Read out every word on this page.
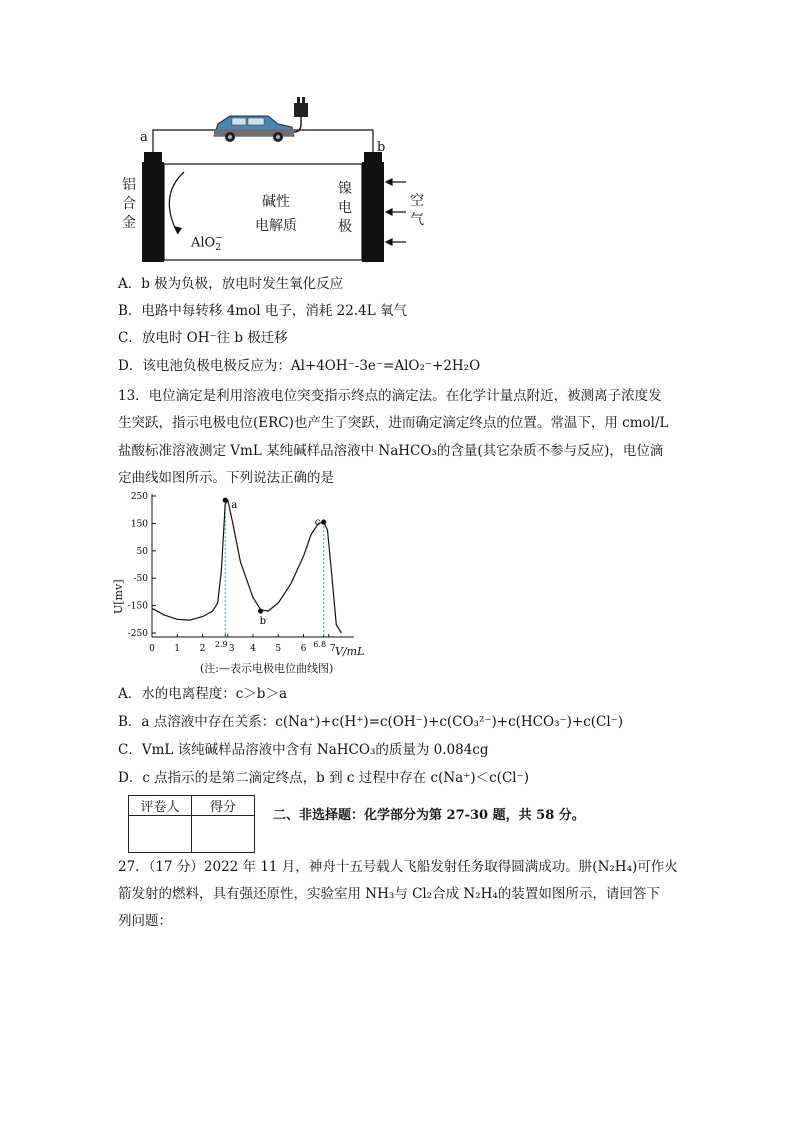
a
b
铝
合
金
碱性
电解质
镍
电
极
空
气
AlO−
2
A．b 极为负极，放电时发生氧化反应
B．电路中每转移 4mol 电子，消耗 22.4L 氧气
C．放电时 OH⁻往 b 极迁移
D．该电池负极电极反应为：Al+4OH⁻-3e⁻=AlO₂⁻+2H₂O
13．电位滴定是利用溶液电位突变指示终点的滴定法。在化学计量点附近，被测离子浓度发
生突跃，指示电极电位(ERC)也产生了突跃，进而确定滴定终点的位置。常温下，用 cmol/L
盐酸标准溶液测定 VmL 某纯碱样品溶液中 NaHCO₃的含量(其它杂质不参与反应)，电位滴
定曲线如图所示。下列说法正确的是
250
150
50
-50
-150
-250
0 1 2 2.9 3 4 5 6 6.8 7
a
b
c
U[mv]
V/mL
(注:—表示电极电位曲线图)
A．水的电离程度：c＞b＞a
B．a 点溶液中存在关系：c(Na⁺)+c(H⁺)=c(OH⁻)+c(CO₃²⁻)+c(HCO₃⁻)+c(Cl⁻)
C．VmL 该纯碱样品溶液中含有 NaHCO₃的质量为 0.084cg
D．c 点指示的是第二滴定终点，b 到 c 过程中存在 c(Na⁺)＜c(Cl⁻)
评卷人	得分

二、非选择题：化学部分为第 27-30 题，共 58 分。
27．（17 分）2022 年 11 月，神舟十五号载人飞船发射任务取得圆满成功。肼(N₂H₄)可作火
箭发射的燃料，具有强还原性，实验室用 NH₃与 Cl₂合成 N₂H₄的装置如图所示，请回答下
列问题：
